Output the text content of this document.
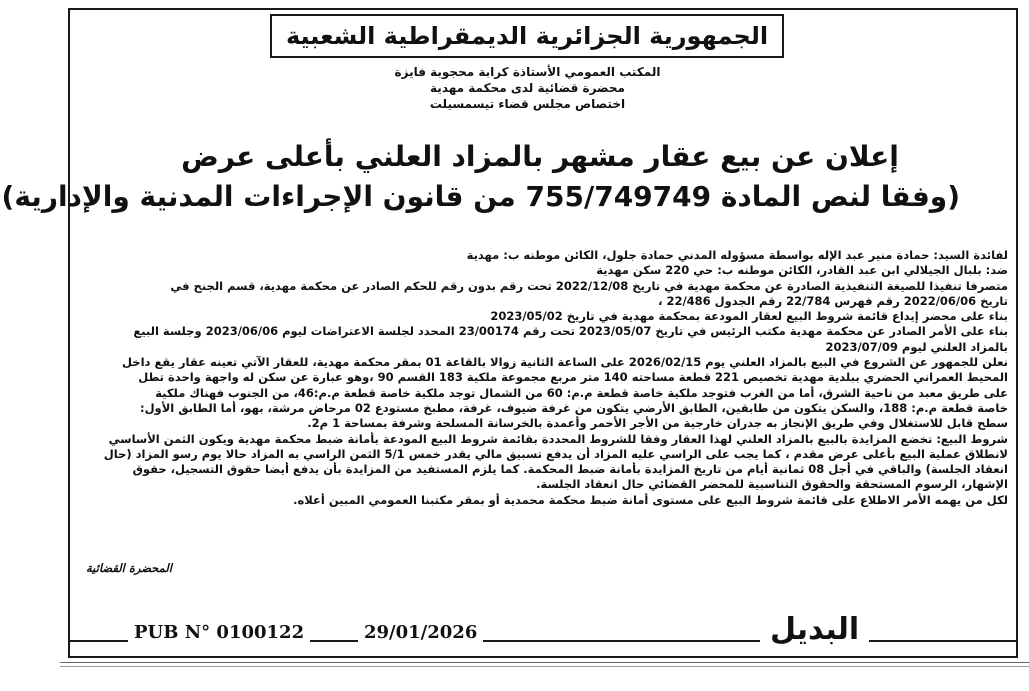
الجمهورية الجزائرية الديمقراطية الشعبية
المكتب العمومي الأستاذة كرابة محجوبة فايزة
محضرة قضائية لدى محكمة مهدية
اختصاص مجلس قضاء تيسمسيلت
إعلان عن بيع عقار مشهر بالمزاد العلني بأعلى عرض
(وفقا لنص المادة 755/749749 من قانون الإجراءات المدنية والإدارية)
لفائدة السيد: حمادة منير عبد الإله بواسطة مسؤوله المدني حمادة جلول، الكائن موطنه ب: مهدية
ضد: بلبال الجيلالي ابن عبد القادر، الكائن موطنه ب: حي 220 سكن مهدية
متصرفا تنفيذا للصيغة التنفيذية الصادرة عن محكمة مهدية في تاريخ 2022/12/08 تحت رقم بدون رقم للحكم الصادر عن محكمة مهدية، قسم الجنح في
تاريخ 2022/06/06 رقم فهرس 22/784 رقم الجدول 22/486 ،
بناء على محضر إيداع قائمة شروط البيع لعقار المودعة بمحكمة مهدية في تاريخ 2023/05/02
بناء على الأمر الصادر عن محكمة مهدية مكتب الرئيس في تاريخ 2023/05/07 تحت رقم 23/00174 المحدد لجلسة الاعتراضات ليوم 2023/06/06 وجلسة البيع
بالمزاد العلني ليوم 2023/07/09
نعلن للجمهور عن الشروع في البيع بالمزاد العلني يوم 2026/02/15 على الساعة الثانية زوالا بالقاعة 01 بمقر محكمة مهدية، للعقار الآتي تعينه عقار يقع داخل
المحيط العمراني الحضري ببلدية مهدية تخصيص 221 قطعة مساحته 140 متر مربع مجموعة ملكية 183 القسم 90 ،وهو عبارة عن سكن له واجهة واحدة تطل
على طريق معبد من ناحية الشرق، أما من الغرب فتوجد ملكية خاصة قطعة م.م: 60 من الشمال توجد ملكية خاصة قطعة م.م:46، من الجنوب فهناك ملكية
خاصة قطعة م.م: 188، والسكن يتكون من طابقين، الطابق الأرضي يتكون من غرفة ضيوف، غرفة، مطبخ مستودع 02 مرحاض مرشة، بهو، أما الطابق الأول:
سطح قابل للاستغلال وفي طريق الإنجاز به جدران خارجية من الأجر الأحمر وأعمدة بالخرسانة المسلحة وشرفة بمساحة 1 م2.
شروط البيع: تخضع المزايدة بالبيع بالمزاد العلني لهذا العقار وفقا للشروط المحددة بقائمة شروط البيع المودعة بأمانة ضبط محكمة مهدية ويكون الثمن الأساسي
لانطلاق عملية البيع بأعلى عرض مقدم ، كما يجب على الراسي عليه المزاد أن يدفع تسبيق مالي يقدر خمس 5/1 الثمن الراسي به المزاد حالا يوم رسو المزاد (حال
انعقاد الجلسة) والباقي في أجل 08 ثمانية أيام من تاريخ المزايدة بأمانة ضبط المحكمة. كما يلزم المستفيد من المزايدة بأن يدفع أيضا حقوق التسجيل، حقوق
الإشهار، الرسوم المستحقة والحقوق التناسبية للمحضر القضائي حال انعقاد الجلسة.
لكل من يهمه الأمر الاطلاع على قائمة شروط البيع على مستوى أمانة ضبط محكمة محمدية أو بمقر مكتبنا العمومي المبين أعلاه.
المحضرة القضائية
PUB N° 0100122	29/01/2026	البديل
